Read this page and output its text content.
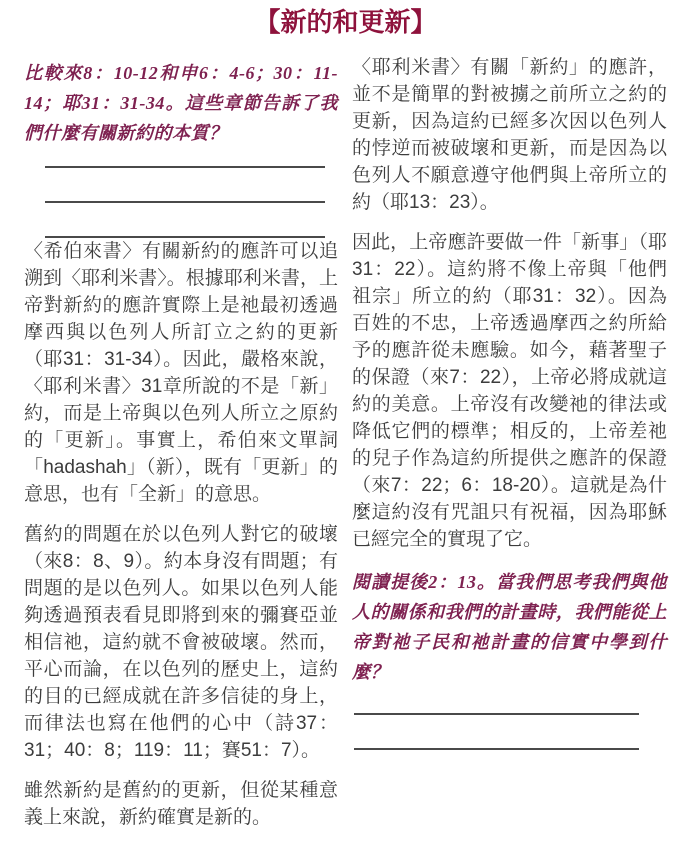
【新的和更新】

比較來8：10-12和申6：4-6；30：11-14；耶31：31-34。這些章節告訴了我們什麼有關新約的本質？

〈希伯來書〉有關新約的應許可以追溯到〈耶利米書〉。根據耶利米書，上帝對新約的應許實際上是祂最初透過摩西與以色列人所訂立之約的更新（耶31：31-34）。因此，嚴格來說，〈耶利米書〉31章所說的不是「新」約，而是上帝與以色列人所立之原約的「更新」。事實上，希伯來文單詞「hadashah」（新），既有「更新」的意思，也有「全新」的意思。

舊約的問題在於以色列人對它的破壞（來8：8、9）。約本身沒有問題；有問題的是以色列人。如果以色列人能夠透過預表看見即將到來的彌賽亞並相信祂，這約就不會被破壞。然而，平心而論，在以色列的歷史上，這約的目的已經成就在許多信徒的身上，而律法也寫在他們的心中（詩37：31；40：8；119：11；賽51：7）。

雖然新約是舊約的更新，但從某種意義上來說，新約確實是新的。

〈耶利米書〉有關「新約」的應許，並不是簡單的對被擄之前所立之約的更新，因為這約已經多次因以色列人的悖逆而被破壞和更新，而是因為以色列人不願意遵守他們與上帝所立的約（耶13：23）。

因此，上帝應許要做一件「新事」（耶31：22）。這約將不像上帝與「他們祖宗」所立的約（耶31：32）。因為百姓的不忠，上帝透過摩西之約所給予的應許從未應驗。如今，藉著聖子的保證（來7：22），上帝必將成就這約的美意。上帝沒有改變祂的律法或降低它們的標準；相反的，上帝差祂的兒子作為這約所提供之應許的保證（來7：22；6：18-20）。這就是為什麼這約沒有咒詛只有祝福，因為耶穌已經完全的實現了它。

閱讀提後2：13。當我們思考我們與他人的關係和我們的計畫時，我們能從上帝對祂子民和祂計畫的信實中學到什麼？
